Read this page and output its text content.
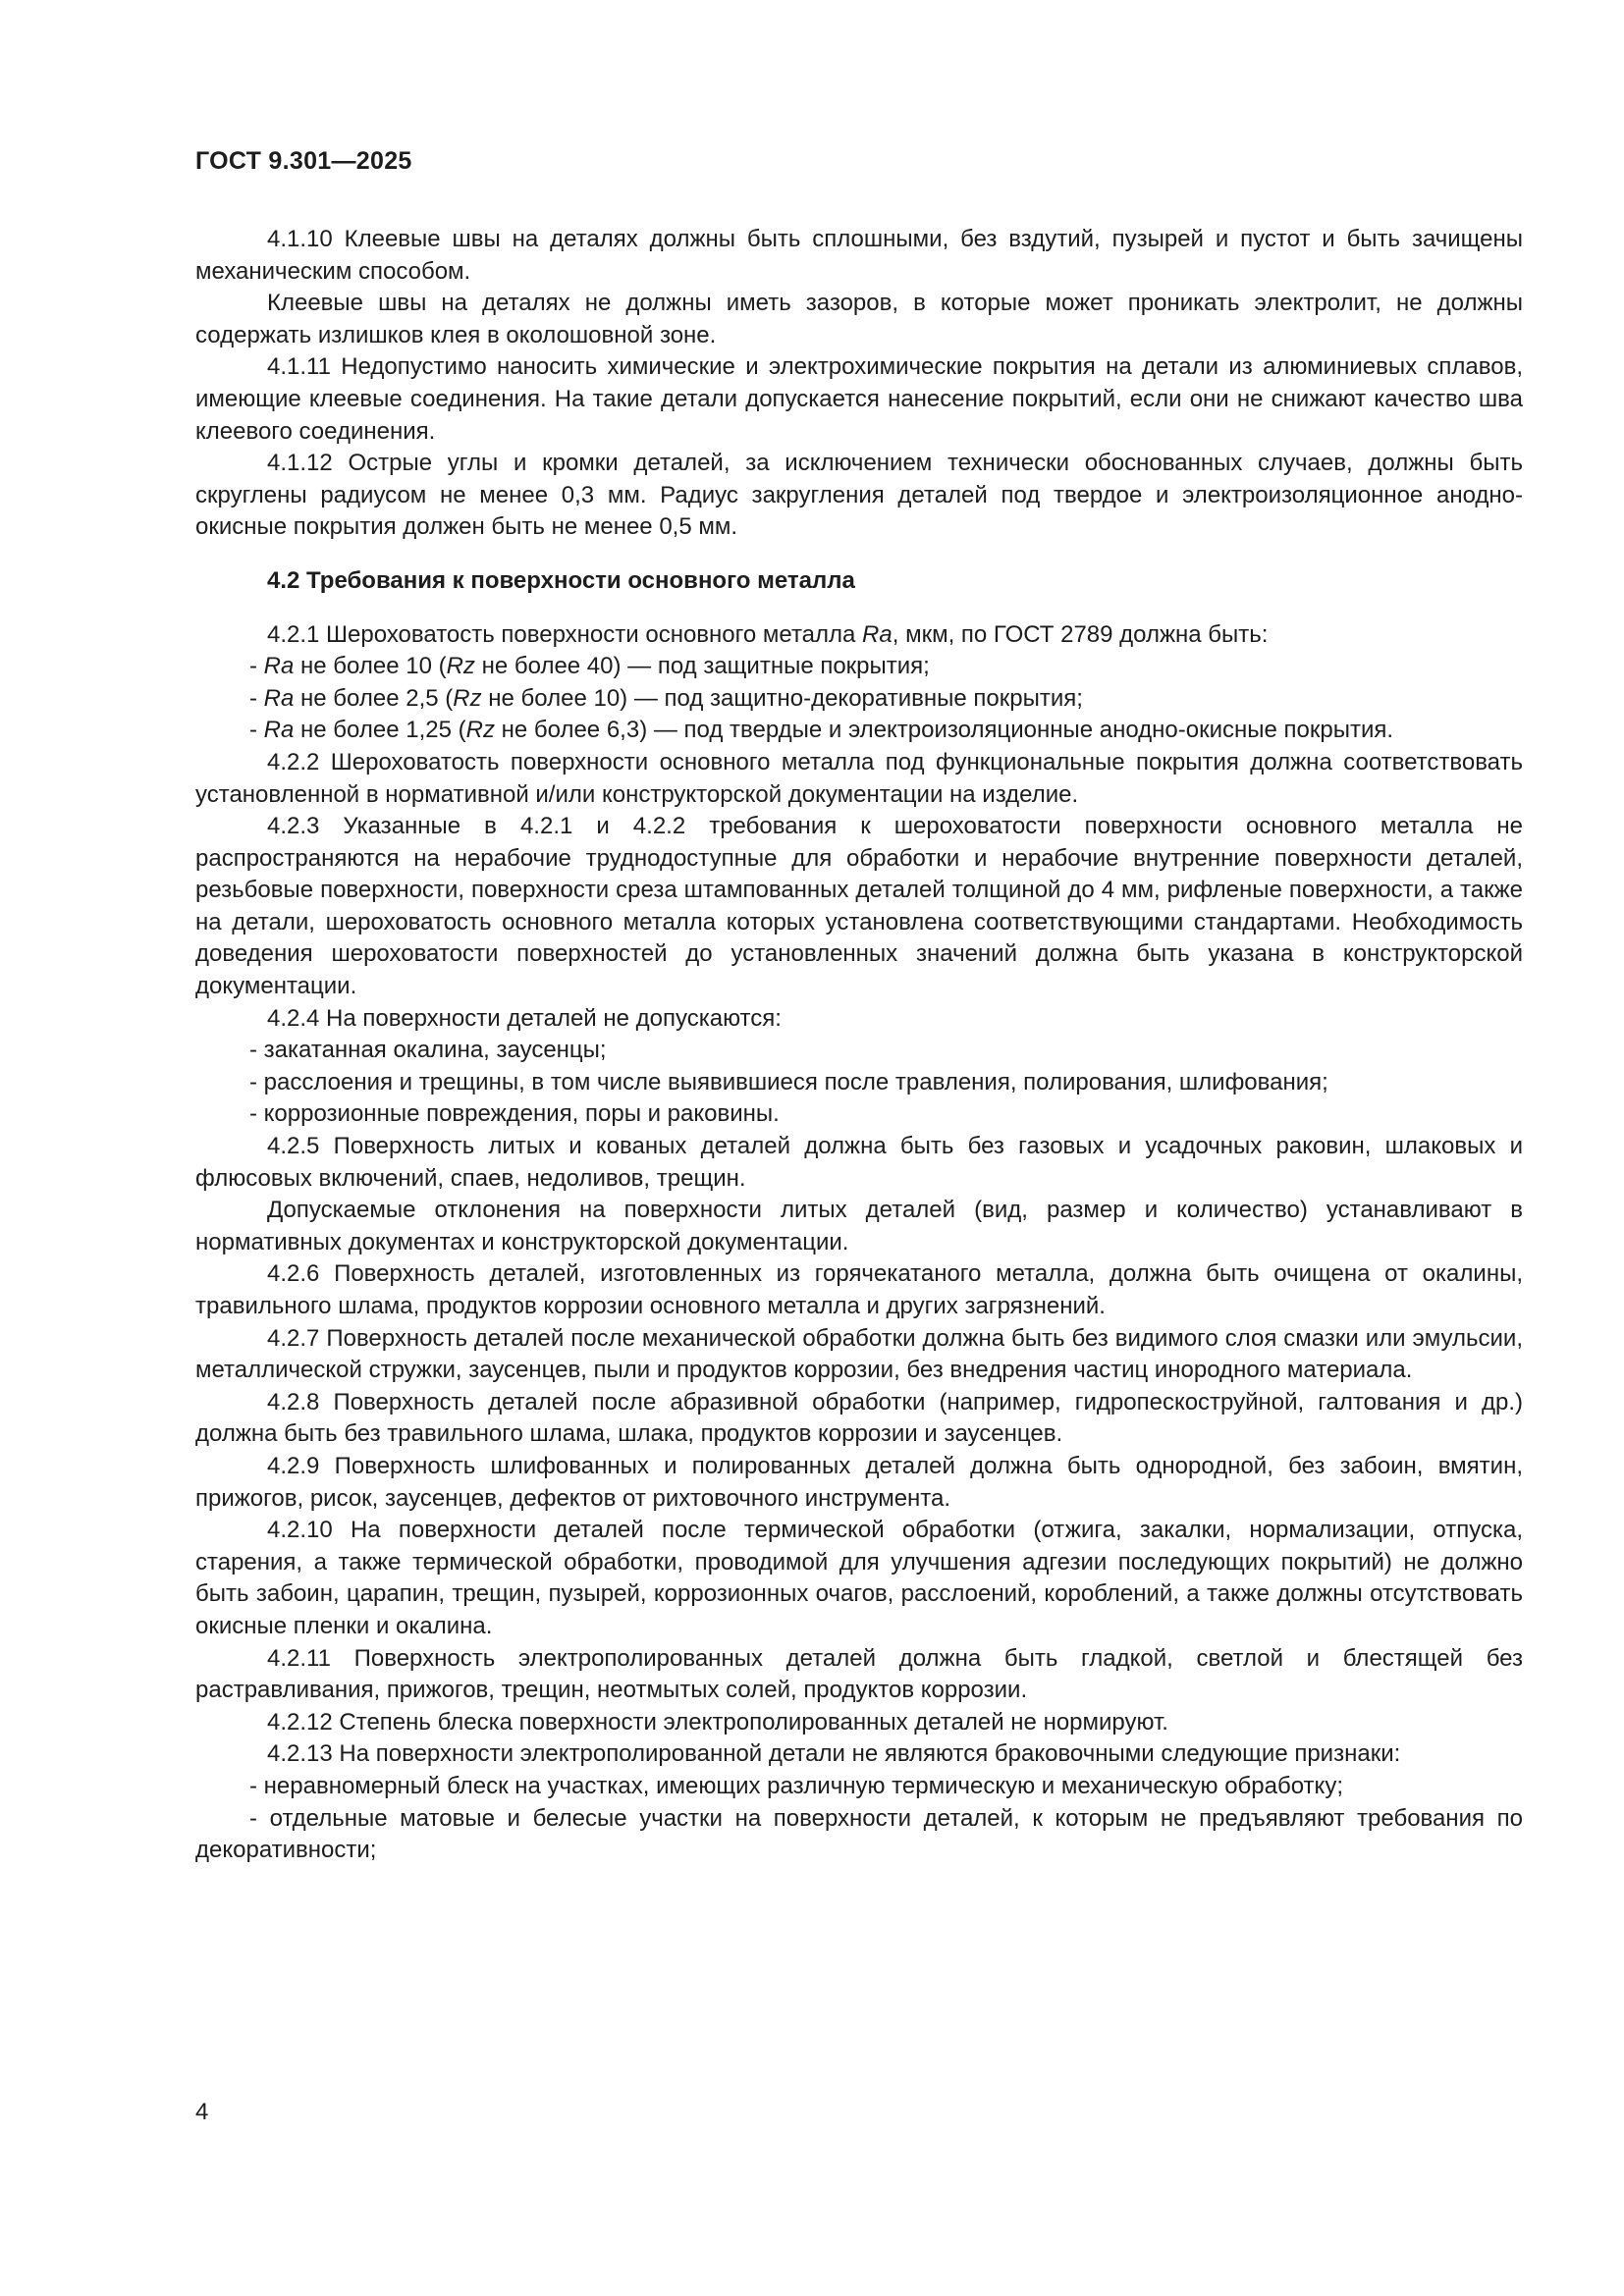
ГОСТ 9.301—2025

4.1.10 Клеевые швы на деталях должны быть сплошными, без вздутий, пузырей и пустот и быть зачищены механическим способом.

Клеевые швы на деталях не должны иметь зазоров, в которые может проникать электролит, не должны содержать излишков клея в околошовной зоне.

4.1.11 Недопустимо наносить химические и электрохимические покрытия на детали из алюминиевых сплавов, имеющие клеевые соединения. На такие детали допускается нанесение покрытий, если они не снижают качество шва клеевого соединения.

4.1.12 Острые углы и кромки деталей, за исключением технически обоснованных случаев, должны быть скруглены радиусом не менее 0,3 мм. Радиус закругления деталей под твердое и электроизоляционное анодно-окисные покрытия должен быть не менее 0,5 мм.

4.2 Требования к поверхности основного металла

4.2.1 Шероховатость поверхности основного металла Ra, мкм, по ГОСТ 2789 должна быть:

- Ra не более 10 (Rz не более 40) — под защитные покрытия;

- Ra не более 2,5 (Rz не более 10) — под защитно-декоративные покрытия;

- Ra не более 1,25 (Rz не более 6,3) — под твердые и электроизоляционные анодно-окисные покрытия.

4.2.2 Шероховатость поверхности основного металла под функциональные покрытия должна соответствовать установленной в нормативной и/или конструкторской документации на изделие.

4.2.3 Указанные в 4.2.1 и 4.2.2 требования к шероховатости поверхности основного металла не распространяются на нерабочие труднодоступные для обработки и нерабочие внутренние поверхности деталей, резьбовые поверхности, поверхности среза штампованных деталей толщиной до 4 мм, рифленые поверхности, а также на детали, шероховатость основного металла которых установлена соответствующими стандартами. Необходимость доведения шероховатости поверхностей до установленных значений должна быть указана в конструкторской документации.

4.2.4 На поверхности деталей не допускаются:

- закатанная окалина, заусенцы;

- расслоения и трещины, в том числе выявившиеся после травления, полирования, шлифования;

- коррозионные повреждения, поры и раковины.

4.2.5 Поверхность литых и кованых деталей должна быть без газовых и усадочных раковин, шлаковых и флюсовых включений, спаев, недоливов, трещин.

Допускаемые отклонения на поверхности литых деталей (вид, размер и количество) устанавливают в нормативных документах и конструкторской документации.

4.2.6 Поверхность деталей, изготовленных из горячекатаного металла, должна быть очищена от окалины, травильного шлама, продуктов коррозии основного металла и других загрязнений.

4.2.7 Поверхность деталей после механической обработки должна быть без видимого слоя смазки или эмульсии, металлической стружки, заусенцев, пыли и продуктов коррозии, без внедрения частиц инородного материала.

4.2.8 Поверхность деталей после абразивной обработки (например, гидропескоструйной, галтования и др.) должна быть без травильного шлама, шлака, продуктов коррозии и заусенцев.

4.2.9 Поверхность шлифованных и полированных деталей должна быть однородной, без забоин, вмятин, прижогов, рисок, заусенцев, дефектов от рихтовочного инструмента.

4.2.10 На поверхности деталей после термической обработки (отжига, закалки, нормализации, отпуска, старения, а также термической обработки, проводимой для улучшения адгезии последующих покрытий) не должно быть забоин, царапин, трещин, пузырей, коррозионных очагов, расслоений, короблений, а также должны отсутствовать окисные пленки и окалина.

4.2.11 Поверхность электрополированных деталей должна быть гладкой, светлой и блестящей без растравливания, прижогов, трещин, неотмытых солей, продуктов коррозии.

4.2.12 Степень блеска поверхности электрополированных деталей не нормируют.

4.2.13 На поверхности электрополированной детали не являются браковочными следующие признаки:

- неравномерный блеск на участках, имеющих различную термическую и механическую обработку;

- отдельные матовые и белесые участки на поверхности деталей, к которым не предъявляют требования по декоративности;

4
